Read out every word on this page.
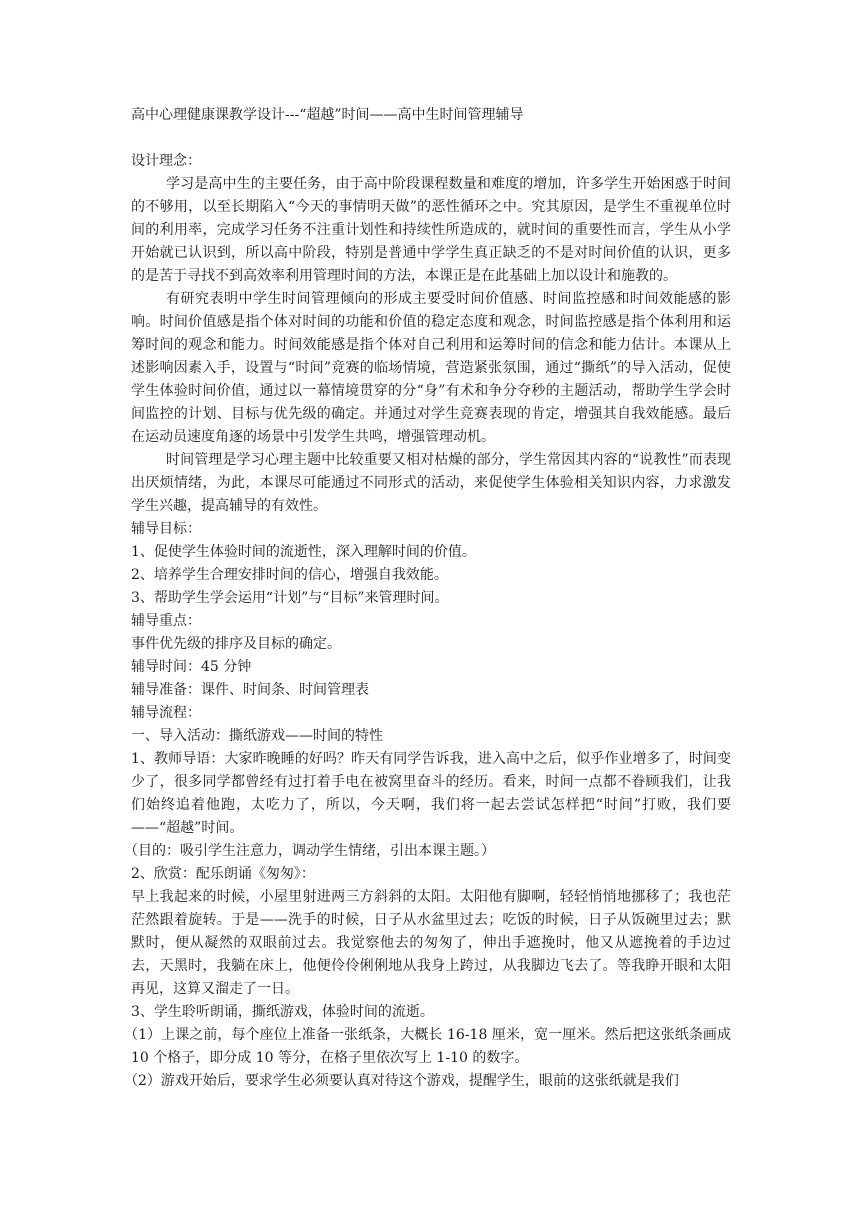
高中心理健康课教学设计---“超越”时间——高中生时间管理辅导

设计理念：

学习是高中生的主要任务，由于高中阶段课程数量和难度的增加，许多学生开始困惑于时间的不够用，以至长期陷入“今天的事情明天做”的恶性循环之中。究其原因，是学生不重视单位时间的利用率，完成学习任务不注重计划性和持续性所造成的，就时间的重要性而言，学生从小学开始就已认识到，所以高中阶段，特别是普通中学学生真正缺乏的不是对时间价值的认识，更多的是苦于寻找不到高效率利用管理时间的方法，本课正是在此基础上加以设计和施教的。

有研究表明中学生时间管理倾向的形成主要受时间价值感、时间监控感和时间效能感的影响。时间价值感是指个体对时间的功能和价值的稳定态度和观念，时间监控感是指个体利用和运筹时间的观念和能力。时间效能感是指个体对自己利用和运筹时间的信念和能力估计。本课从上述影响因素入手，设置与“时间”竞赛的临场情境，营造紧张氛围，通过“撕纸”的导入活动，促使学生体验时间价值，通过以一幕情境贯穿的分“身”有术和争分夺秒的主题活动，帮助学生学会时间监控的计划、目标与优先级的确定。并通过对学生竞赛表现的肯定，增强其自我效能感。最后在运动员速度角逐的场景中引发学生共鸣，增强管理动机。

时间管理是学习心理主题中比较重要又相对枯燥的部分，学生常因其内容的“说教性”而表现出厌烦情绪，为此，本课尽可能通过不同形式的活动，来促使学生体验相关知识内容，力求激发学生兴趣，提高辅导的有效性。

辅导目标：

1、促使学生体验时间的流逝性，深入理解时间的价值。

2、培养学生合理安排时间的信心，增强自我效能。

3、帮助学生学会运用“计划”与“目标”来管理时间。

辅导重点：

事件优先级的排序及目标的确定。

辅导时间：45 分钟

辅导准备：课件、时间条、时间管理表

辅导流程：

一、导入活动：撕纸游戏——时间的特性

1、教师导语：大家昨晚睡的好吗？昨天有同学告诉我，进入高中之后，似乎作业增多了，时间变少了，很多同学都曾经有过打着手电在被窝里奋斗的经历。看来，时间一点都不眷顾我们，让我们始终追着他跑，太吃力了，所以，今天啊，我们将一起去尝试怎样把“时间”打败，我们要——“超越”时间。

（目的：吸引学生注意力，调动学生情绪，引出本课主题。）

2、欣赏：配乐朗诵《匆匆》：

早上我起来的时候，小屋里射进两三方斜斜的太阳。太阳他有脚啊，轻轻悄悄地挪移了；我也茫茫然跟着旋转。于是——洗手的时候，日子从水盆里过去；吃饭的时候，日子从饭碗里过去；默默时，便从凝然的双眼前过去。我觉察他去的匆匆了，伸出手遮挽时，他又从遮挽着的手边过去，天黑时，我躺在床上，他便伶伶俐俐地从我身上跨过，从我脚边飞去了。等我睁开眼和太阳再见，这算又溜走了一日。

3、学生聆听朗诵，撕纸游戏，体验时间的流逝。

（1）上课之前，每个座位上准备一张纸条，大概长 16-18 厘米，宽一厘米。然后把这张纸条画成 10 个格子，即分成 10 等分，在格子里依次写上 1-10 的数字。

（2）游戏开始后，要求学生必须要认真对待这个游戏，提醒学生，眼前的这张纸就是我们
